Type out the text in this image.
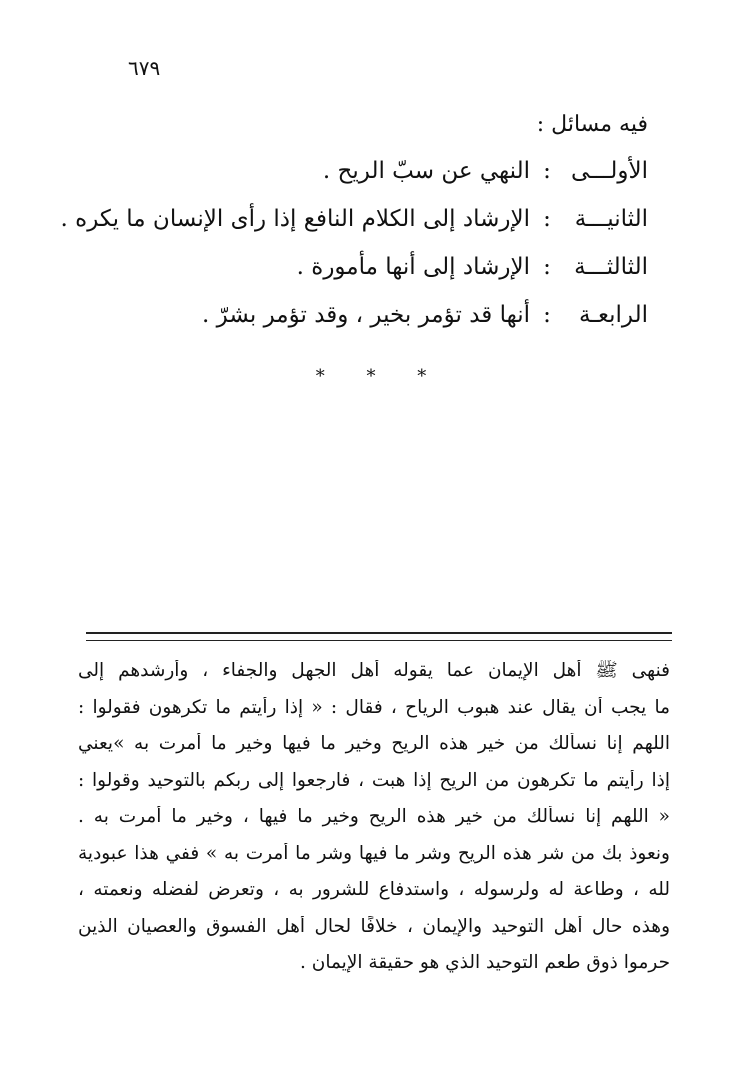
٦٧٩
فيه مسائل :
الأولـــى
:
النهي عن سبّ الريح .
الثانيـــة
:
الإرشاد إلى الكلام النافع إذا رأى الإنسان ما يكره .
الثالثـــة
:
الإرشاد إلى أنها مأمورة .
الرابعـة
:
أنها قد تؤمر بخير ، وقد تؤمر بشرّ .
* * *
فنهى ﷺ أهل الإيمان عما يقوله أهل الجهل والجفاء ، وأرشدهم إلى
ما يجب أن يقال عند هبوب الرياح ، فقال : « إذا رأيتم ما تكرهون فقولوا :
اللهم إنا نسألك من خير هذه الريح وخير ما فيها وخير ما أُمرت به »يعني
إذا رأيتم ما تكرهون من الريح إذا هبت ، فارجعوا إلى ربكم بالتوحيد وقولوا :
« اللهم إنا نسألك من خير هذه الريح وخير ما فيها ، وخير ما أمرت به .
ونعوذ بك من شر هذه الريح وشر ما فيها وشر ما أمرت به » ففي هذا عبودية
لله ، وطاعة له ولرسوله ، واستدفاع للشرور به ، وتعرض لفضله ونعمته ،
وهذه حال أهل التوحيد والإيمان ، خلافًا لحال أهل الفسوق والعصيان الذين
حرموا ذوق طعم التوحيد الذي هو حقيقة الإيمان .
